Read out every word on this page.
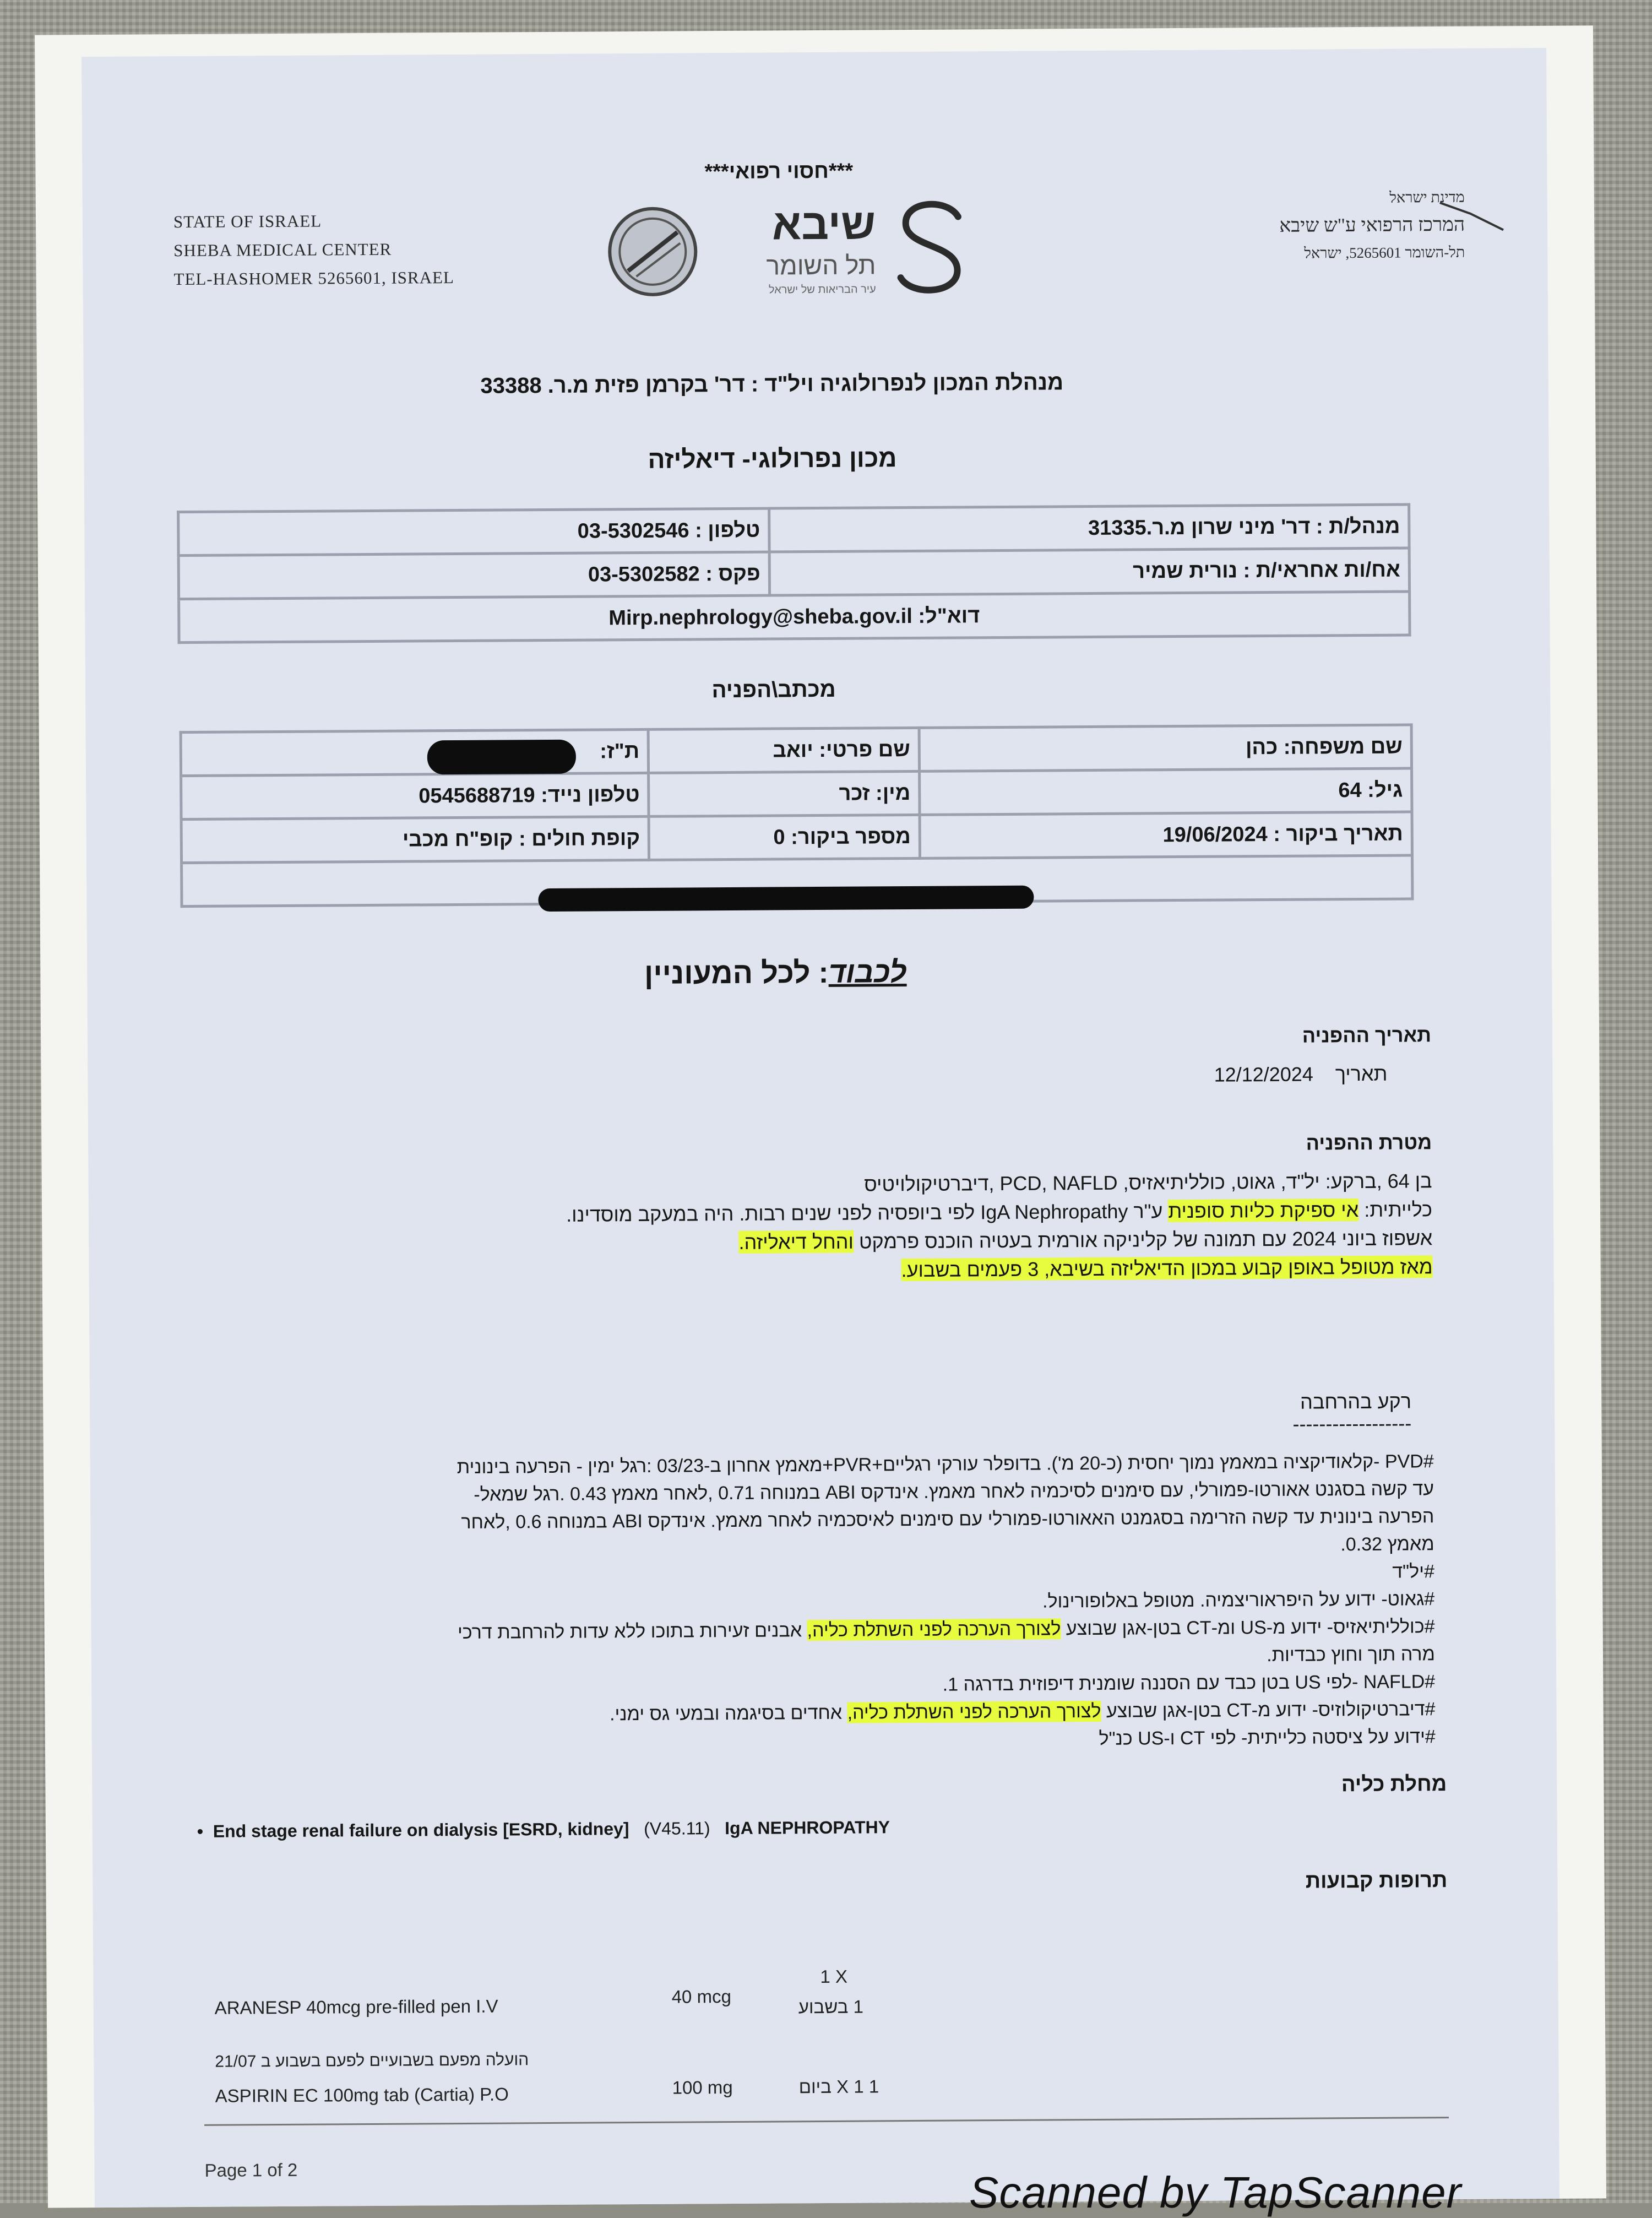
STATE OF ISRAEL
SHEBA MEDICAL CENTER
TEL-HASHOMER 5265601, ISRAEL
***חסוי רפואי***
שיבא
תל השומר
עיר הבריאות של ישראל
מדינת ישראל
המרכז הרפואי ע"ש שיבא
תל-השומר 5265601, ישראל
מנהלת המכון לנפרולוגיה ויל"ד : דר' בקרמן פזית מ.ר. 33388
מכון נפרולוגי- דיאליזה
מנהל/ת : דר' מיני שרון מ.ר.31335	טלפון : 03-5302546
אח/ות אחראי/ת : נורית שמיר	פקס : 03-5302582
דוא"ל: Mirp.nephrology@sheba.gov.il	
מכתב\הפניה
שם משפחה: כהן	שם פרטי: יואב	ת"ז:
גיל: 64	מין: זכר	טלפון נייד: 0545688719
תאריך ביקור : 19/06/2024	מספר ביקור: 0	קופת חולים : קופ"ח מכבי

לכבוד: לכל המעוניין
תאריך ההפניה
תאריך    12/12/2024
מטרת ההפניה
בן 64 ,ברקע: יל"ד, גאוט, כולליתיאזיס, PCD, NAFLD ,דיברטיקולויטיס
כלייתית: אי ספיקת כליות סופנית ע"ר IgA Nephropathy לפי ביופסיה לפני שנים רבות. היה במעקב מוסדינו.
אשפוז ביוני 2024 עם תמונה של קליניקה אורמית בעטיה הוכנס פרמקט והחל דיאליזה.
מאז מטופל באופן קבוע במכון הדיאליזה בשיבא, 3 פעמים בשבוע.
רקע בהרחבה
------------------
#PVD -קלאודיקציה במאמץ נמוך יחסית (כ-20 מ'). בדופלר עורקי רגליים+PVR+מאמץ אחרון ב-03/23 :רגל ימין - הפרעה בינונית
עד קשה בסגנט אאורטו-פמורלי, עם סימנים לסיכמיה לאחר מאמץ. אינדקס ABI במנוחה 0.71 ,לאחר מאמץ 0.43 .רגל שמאל-
הפרעה בינונית עד קשה הזרימה בסגמנט האאורטו-פמורלי עם סימנים לאיסכמיה לאחר מאמץ. אינדקס ABI במנוחה 0.6 ,לאחר
מאמץ 0.32.
#יל"ד
#גאוט- ידוע על היפראוריצמיה. מטופל באלופורינול.
#כולליתיאזיס- ידוע מ-US ומ-CT בטן-אגן שבוצע לצורך הערכה לפני השתלת כליה, אבנים זעירות בתוכו ללא עדות להרחבת דרכי
מרה תוך וחוץ כבדיות.
#NAFLD -לפי US בטן כבד עם הסננה שומנית דיפוזית בדרגה 1.
#דיברטיקולוזיס- ידוע מ-CT בטן-אגן שבוצע לצורך הערכה לפני השתלת כליה, אחדים בסיגמה ובמעי גס ימני.
#ידוע על ציסטה כלייתית- לפי CT ו-US כנ"ל
מחלת כליה
•  End stage renal failure on dialysis [ESRD, kidney] (V45.11) IgA NEPHROPATHY
תרופות קבועות
ARANESP 40mcg pre-filled pen I.V	40 mcg
1 X
1 בשבוע
הועלה מפעם בשבועיים לפעם בשבוע ב 21/07
ASPIRIN EC 100mg tab (Cartia) P.O	100 mg	1 X 1 ביום
Page 1 of 2	Scanned by TapScanner
